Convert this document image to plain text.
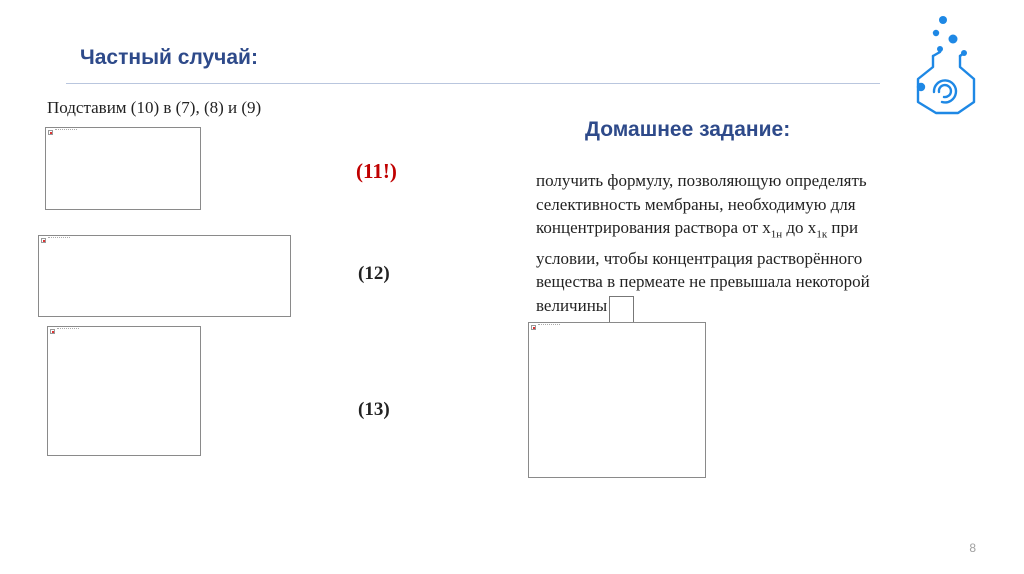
Частный случай:
Подставим (10) в (7), (8) и (9)
(11!)
(12)
(13)
Домашнее задание:
получить формулу, позволяющую определять селективность мембраны, необходимую для концентрирования раствора от $x_{1н}$ до $x_{1к}$ при условии, чтобы концентрация растворённого вещества в пермеате не превышала некоторой величины
8
